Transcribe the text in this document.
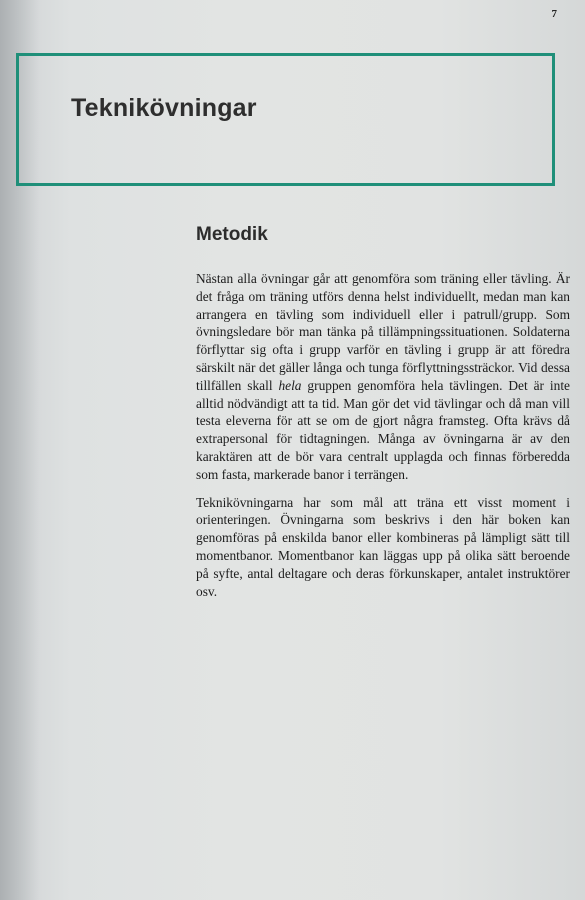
7
Teknikövningar
Metodik

Nästan alla övningar går att genomföra som träning eller tävling. Är det fråga om träning utförs denna helst individuellt, medan man kan arrangera en tävling som individuell eller i patrull/grupp. Som övningsledare bör man tänka på tillämpningssituationen. Soldaterna förflyttar sig ofta i grupp varför en tävling i grupp är att föredra särskilt när det gäller långa och tunga förflyttningssträckor. Vid dessa tillfällen skall hela gruppen genomföra hela tävlingen. Det är inte alltid nödvändigt att ta tid. Man gör det vid tävlingar och då man vill testa eleverna för att se om de gjort några framsteg. Ofta krävs då extrapersonal för tidtagningen. Många av övningarna är av den karaktären att de bör vara centralt upplagda och finnas förberedda som fasta, markerade banor i terrängen.

Teknikövningarna har som mål att träna ett visst moment i orienteringen. Övningarna som beskrivs i den här boken kan genomföras på enskilda banor eller kombineras på lämpligt sätt till momentbanor. Momentbanor kan läggas upp på olika sätt beroende på syfte, antal deltagare och deras förkunskaper, antalet instruktörer osv.
